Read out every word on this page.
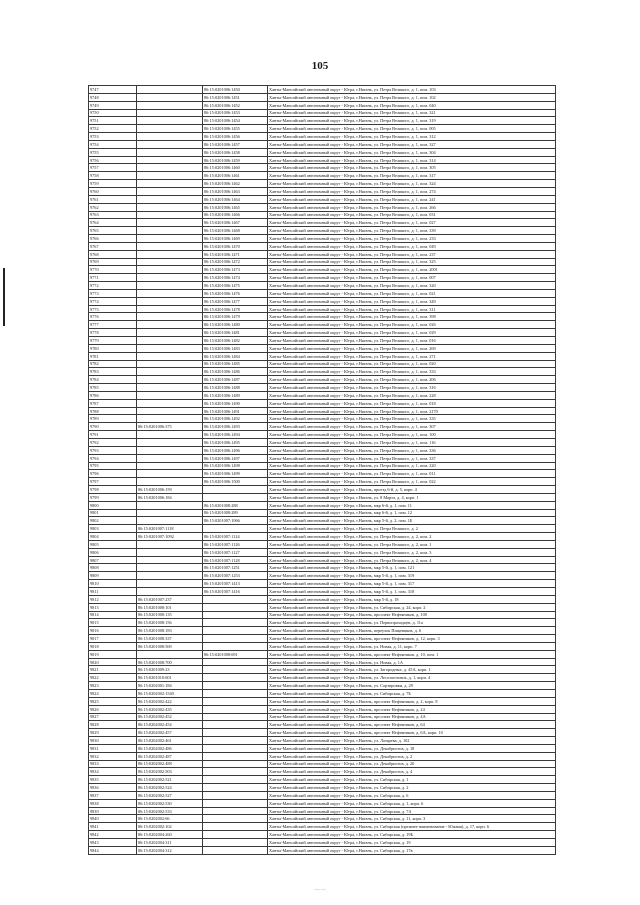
105
9747		86:15:0201006:1450	Ханты-Мансийский автономный округ - Югра, г.Нягань, ул. Петра Великого, д. 1, пом. 103
9748		86:15:0201006:1451	Ханты-Мансийский автономный округ - Югра, г.Нягань, ул. Петра Великого, д. 1, пом. 102
9749		86:15:0201006:1452	Ханты-Мансийский автономный округ - Югра, г.Нягань, ул. Петра Великого, д. 1, пом. 040
9750		86:15:0201006:1453	Ханты-Мансийский автономный округ - Югра, г.Нягань, ул. Петра Великого, д. 1, пом. 321
9751		86:15:0201006:1454	Ханты-Мансийский автономный округ - Югра, г.Нягань, ул. Петра Великого, д. 1, пом. 319
9752		86:15:0201006:1455	Ханты-Мансийский автономный округ - Югра, г.Нягань, ул. Петра Великого, д. 1, пом. 005
9753		86:15:0201006:1456	Ханты-Мансийский автономный округ - Югра, г.Нягань, ул. Петра Великого, д. 1, пом. 312
9754		86:15:0201006:1457	Ханты-Мансийский автономный округ - Югра, г.Нягань, ул. Петра Великого, д. 1, пом. 327
9755		86:15:0201006:1458	Ханты-Мансийский автономный округ - Югра, г.Нягань, ул. Петра Великого, д. 1, пом. 304
9756		86:15:0201006:1459	Ханты-Мансийский автономный округ - Югра, г.Нягань, ул. Петра Великого, д. 1, пом. 314
9757		86:15:0201006:1460	Ханты-Мансийский автономный округ - Югра, г.Нягань, ул. Петра Великого, д. 1, пом. 305
9758		86:15:0201006:1461	Ханты-Мансийский автономный округ - Югра, г.Нягань, ул. Петра Великого, д. 1, пом. 317
9759		86:15:0201006:1462	Ханты-Мансийский автономный округ - Югра, г.Нягань, ул. Петра Великого, д. 1, пом. 324
9760		86:15:0201006:1463	Ханты-Мансийский автономный округ - Югра, г.Нягань, ул. Петра Великого, д. 1, пом. 274
9761		86:15:0201006:1464	Ханты-Мансийский автономный округ - Югра, г.Нягань, ул. Петра Великого, д. 1, пом. 241
9762		86:15:0201006:1465	Ханты-Мансийский автономный округ - Югра, г.Нягань, ул. Петра Великого, д. 1, пом. 266
9763		86:15:0201006:1466	Ханты-Мансийский автономный округ - Югра, г.Нягань, ул. Петра Великого, д. 1, пом. 031
9764		86:15:0201006:1467	Ханты-Мансийский автономный округ - Югра, г.Нягань, ул. Петра Великого, д. 1, пом. 027
9765		86:15:0201006:1468	Ханты-Мансийский автономный округ - Югра, г.Нягань, ул. Петра Великого, д. 1, пом. 339
9766		86:15:0201006:1469	Ханты-Мансийский автономный округ - Югра, г.Нягань, ул. Петра Великого, д. 1, пом. 233
9767		86:15:0201006:1470	Ханты-Мансийский автономный округ - Югра, г.Нягань, ул. Петра Великого, д. 1, пом. 049
9768		86:15:0201006:1471	Ханты-Мансийский автономный округ - Югра, г.Нягань, ул. Петра Великого, д. 1, пом. 237
9769		86:15:0201006:1472	Ханты-Мансийский автономный округ - Югра, г.Нягань, ул. Петра Великого, д. 1, пом. 325
9770		86:15:0201006:1473	Ханты-Мансийский автономный округ - Югра, г.Нягань, ул. Петра Великого, д. 1, пом. 2001
9771		86:15:0201006:1474	Ханты-Мансийский автономный округ - Югра, г.Нягань, ул. Петра Великого, д. 1, пом. 007
9772		86:15:0201006:1475	Ханты-Мансийский автономный округ - Югра, г.Нягань, ул. Петра Великого, д. 1, пом. 320
9773		86:15:0201006:1476	Ханты-Мансийский автономный округ - Югра, г.Нягань, ул. Петра Великого, д. 1, пом. 021
9774		86:15:0201006:1477	Ханты-Мансийский автономный округ - Югра, г.Нягань, ул. Петра Великого, д. 1, пом. 349
9775		86:15:0201006:1478	Ханты-Мансийский автономный округ - Югра, г.Нягань, ул. Петра Великого, д. 1, пом. 311
9776		86:15:0201006:1479	Ханты-Мансийский автономный округ - Югра, г.Нягань, ул. Петра Великого, д. 1, пом. 398
9777		86:15:0201006:1480	Ханты-Мансийский автономный округ - Югра, г.Нягань, ул. Петра Великого, д. 1, пом. 026
9778		86:15:0201006:1481	Ханты-Мансийский автономный округ - Югра, г.Нягань, ул. Петра Великого, д. 1, пом. 029
9779		86:15:0201006:1482	Ханты-Мансийский автономный округ - Югра, г.Нягань, ул. Петра Великого, д. 1, пом. 016
9780		86:15:0201006:1483	Ханты-Мансийский автономный округ - Югра, г.Нягань, ул. Петра Великого, д. 1, пом. 269
9781		86:15:0201006:1484	Ханты-Мансийский автономный округ - Югра, г.Нягань, ул. Петра Великого, д. 1, пом. 271
9782		86:15:0201006:1485	Ханты-Мансийский автономный округ - Югра, г.Нягань, ул. Петра Великого, д. 1, пом. 020
9783		86:15:0201006:1486	Ханты-Мансийский автономный округ - Югра, г.Нягань, ул. Петра Великого, д. 1, пом. 333
9784		86:15:0201006:1487	Ханты-Мансийский автономный округ - Югра, г.Нягань, ул. Петра Великого, д. 1, пом. 206
9785		86:15:0201006:1488	Ханты-Мансийский автономный округ - Югра, г.Нягань, ул. Петра Великого, д. 1, пом. 316
9786		86:15:0201006:1489	Ханты-Мансийский автономный округ - Югра, г.Нягань, ул. Петра Великого, д. 1, пом. 228
9787		86:15:0201006:1490	Ханты-Мансийский автономный округ - Югра, г.Нягань, ул. Петра Великого, д. 1, пом. 018
9788		86:15:0201006:1491	Ханты-Мансийский автономный округ - Югра, г.Нягань, ул. Петра Великого, д. 1, пом. 2170
9789		86:15:0201006:1492	Ханты-Мансийский автономный округ - Югра, г.Нягань, ул. Петра Великого, д. 1, пом. 335
9790	86:15:0201006:375	86:15:0201006:1493	Ханты-Мансийский автономный округ - Югра, г.Нягань, ул. Петра Великого, д. 1, пом. 307
9791		86:15:0201006:1494	Ханты-Мансийский автономный округ - Югра, г.Нягань, ул. Петра Великого, д. 1, пом. 100
9792		86:15:0201006:1495	Ханты-Мансийский автономный округ - Югра, г.Нягань, ул. Петра Великого, д. 1, пом. 116
9793		86:15:0201006:1496	Ханты-Мансийский автономный округ - Югра, г.Нягань, ул. Петра Великого, д. 1, пом. 336
9794		86:15:0201006:1497	Ханты-Мансийский автономный округ - Югра, г.Нягань, ул. Петра Великого, д. 1, пом. 337
9795		86:15:0201006:1498	Ханты-Мансийский автономный округ - Югра, г.Нягань, ул. Петра Великого, д. 1, пом. 220
9796		86:15:0201006:1499	Ханты-Мансийский автономный округ - Югра, г.Нягань, ул. Петра Великого, д. 1, пом. 011
9797		86:15:0201006:1500	Ханты-Мансийский автономный округ - Югра, г.Нягань, ул. Петра Великого, д. 1, пом. 022
9798	86:15:0201006:159		Ханты-Мансийский автономный округ - Югра, г.Нягань, проезд 6-й, д. 5, корп. 4
9799	86:15:0201006:184		Ханты-Мансийский автономный округ - Югра, г.Нягань, ул. 8 Марта, д. 4, корп. 1
9800		86:15:0201008:288	Ханты-Мансийский автономный округ - Югра, г.Нягань, мкр 6-й, д. 1, пом. 11
9801		86:15:0201008:289	Ханты-Мансийский автономный округ - Югра, г.Нягань, мкр 6-й, д. 1, пом. 12
9802		86:15:0201007:1066	Ханты-Мансийский автономный округ - Югра, г.Нягань, мкр 5-й, д. 2, пом. 1Б
9803	86:15:0201007:1118		Ханты-Мансийский автономный округ - Югра, г.Нягань, ул. Петра Великого, д. 2
9804	86:15:0201007:1092	86:15:0201007:1124	Ханты-Мансийский автономный округ - Югра, г.Нягань, ул. Петра Великого, д. 2, пом. 2
9805		86:15:0201007:1126	Ханты-Мансийский автономный округ - Югра, г.Нягань, ул. Петра Великого, д. 2, пом. 1
9806		86:15:0201007:1127	Ханты-Мансийский автономный округ - Югра, г.Нягань, ул. Петра Великого, д. 2, пом. 3
9807		86:15:0201007:1128	Ханты-Мансийский автономный округ - Югра, г.Нягань, ул. Петра Великого, д. 2, пом. 4
9808		86:15:0201007:1251	Ханты-Мансийский автономный округ - Югра, г.Нягань, мкр 5-й, д. 1, пом. 121
9809		86:15:0201007:1253	Ханты-Мансийский автономный округ - Югра, г.Нягань, мкр 5-й, д. 1, пом. 319
9810		86:15:0201007:1413	Ханты-Мансийский автономный округ - Югра, г.Нягань, мкр 5-й, д. 1, пом. 317
9811		86:15:0201007:1416	Ханты-Мансийский автономный округ - Югра, г.Нягань, мкр 5-й, д. 1, пом. 318
9812	86:15:0201007:237		Ханты-Мансийский автономный округ - Югра, г.Нягань, мкр 5-й, д. 18
9813	86:15:0201008:101		Ханты-Мансийский автономный округ - Югра, г.Нягань, ул. Сибирская, д. 24, корп. 2
9814	86:15:0201008:135		Ханты-Мансийский автономный округ - Югра, г.Нягань, проспект Нефтяников, д. 100
9815	86:15:0201008:156		Ханты-Мансийский автономный округ - Югра, г.Нягань, ул. Первопроходцев, д. 11а
9816	86:15:0201008:183		Ханты-Мансийский автономный округ - Югра, г.Нягань, переулок Пищевиков, д. 6
9817	86:15:0201008:337		Ханты-Мансийский автономный округ - Югра, г.Нягань, проспект Нефтяников, д. 12, корп. 3
9818	86:15:0201008:569		Ханты-Мансийский автономный округ - Югра, г.Нягань, ул. Новая, д. 11, корп. 7
9819		86:15:0201008:691	Ханты-Мансийский автономный округ - Югра, г.Нягань, проспект Нефтяников, д. 10, пом. 1
9820	86:15:0201008:700		Ханты-Мансийский автономный округ - Югра, г.Нягань, ул. Новая, д. 1А
9821	86:15:0201009:23		Ханты-Мансийский автономный округ - Югра, г.Нягань, ул. Загородных, д. 45А, корп. 1
9822	86:15:0201010:601		Ханты-Мансийский автономный округ - Югра, г.Нягань, ул. Лесозаготовок, д. 1, корп. 4
9823	86:15:0202001:184		Ханты-Мансийский автономный округ - Югра, г.Нягань, ул. Сортировки, д. 29
9824	86:15:0202002:1540		Ханты-Мансийский автономный округ - Югра, г.Нягань, ул. Сибирская, д. 7Б
9825	86:15:0202002:422		Ханты-Мансийский автономный округ - Югра, г.Нягань, проспект Нефтяников, д. 2, корп. 8
9826	86:15:0202002:435		Ханты-Мансийский автономный округ - Югра, г.Нягань, проспект Нефтяников, д. 24
9827	86:15:0202002:452		Ханты-Мансийский автономный округ - Югра, г.Нягань, проспект Нефтяников, д. 4А
9828	86:15:0202002:454		Ханты-Мансийский автономный округ - Югра, г.Нягань, проспект Нефтяников, д. 64
9829	86:15:0202002:457		Ханты-Мансийский автономный округ - Югра, г.Нягань, проспект Нефтяников, д. 6А, корп. 10
9830	86:15:0202002:461		Ханты-Мансийский автономный округ - Югра, г.Нягань, ул. Лазарева, д. 102
9831	86:15:0202002:486		Ханты-Мансийский автономный округ - Югра, г.Нягань, ул. Декабристов, д. 18
9832	86:15:0202002:487		Ханты-Мансийский автономный округ - Югра, г.Нягань, ул. Декабристов, д. 2
9833	86:15:0202002:488		Ханты-Мансийский автономный округ - Югра, г.Нягань, ул. Декабристов, д. 20
9834	86:15:0202002:503		Ханты-Мансийский автономный округ - Югра, г.Нягань, ул. Декабристов, д. 4
9835	86:15:0202002:521		Ханты-Мансийский автономный округ - Югра, г.Нягань, ул. Сибирская, д. 1
9836	86:15:0202002:524		Ханты-Мансийский автономный округ - Югра, г.Нягань, ул. Сибирская, д. 2
9837	86:15:0202002:527		Ханты-Мансийский автономный округ - Югра, г.Нягань, ул. Сибирская, д. 6
9838	86:15:0202002:530		Ханты-Мансийский автономный округ - Югра, г.Нягань, ул. Сибирская, д. 1, корп. 6
9839	86:15:0202002:533		Ханты-Мансийский автономный округ - Югра, г.Нягань, ул. Сибирская, д. 7А
9840	86:15:0202002:66		Ханты-Мансийский автономный округ - Югра, г.Нягань, ул. Сибирская, д. 11, корп. 3
9841	86:15:0202002:102		Ханты-Мансийский автономный округ - Югра, г.Нягань, ул. Сибирская (прежнее наименование - Южная), д. 17, корп. 6
9842	86:15:0202004:260		Ханты-Мансийский автономный округ - Югра, г.Нягань, ул. Сибирская, д. 19Б
9843	86:15:0202004:311		Ханты-Мансийский автономный округ - Югра, г.Нягань, ул. Сибирская, д. 19
9844	86:15:0202004:312		Ханты-Мансийский автономный округ - Югра, г.Нягань, ул. Сибирская, д. 17в
—·—
